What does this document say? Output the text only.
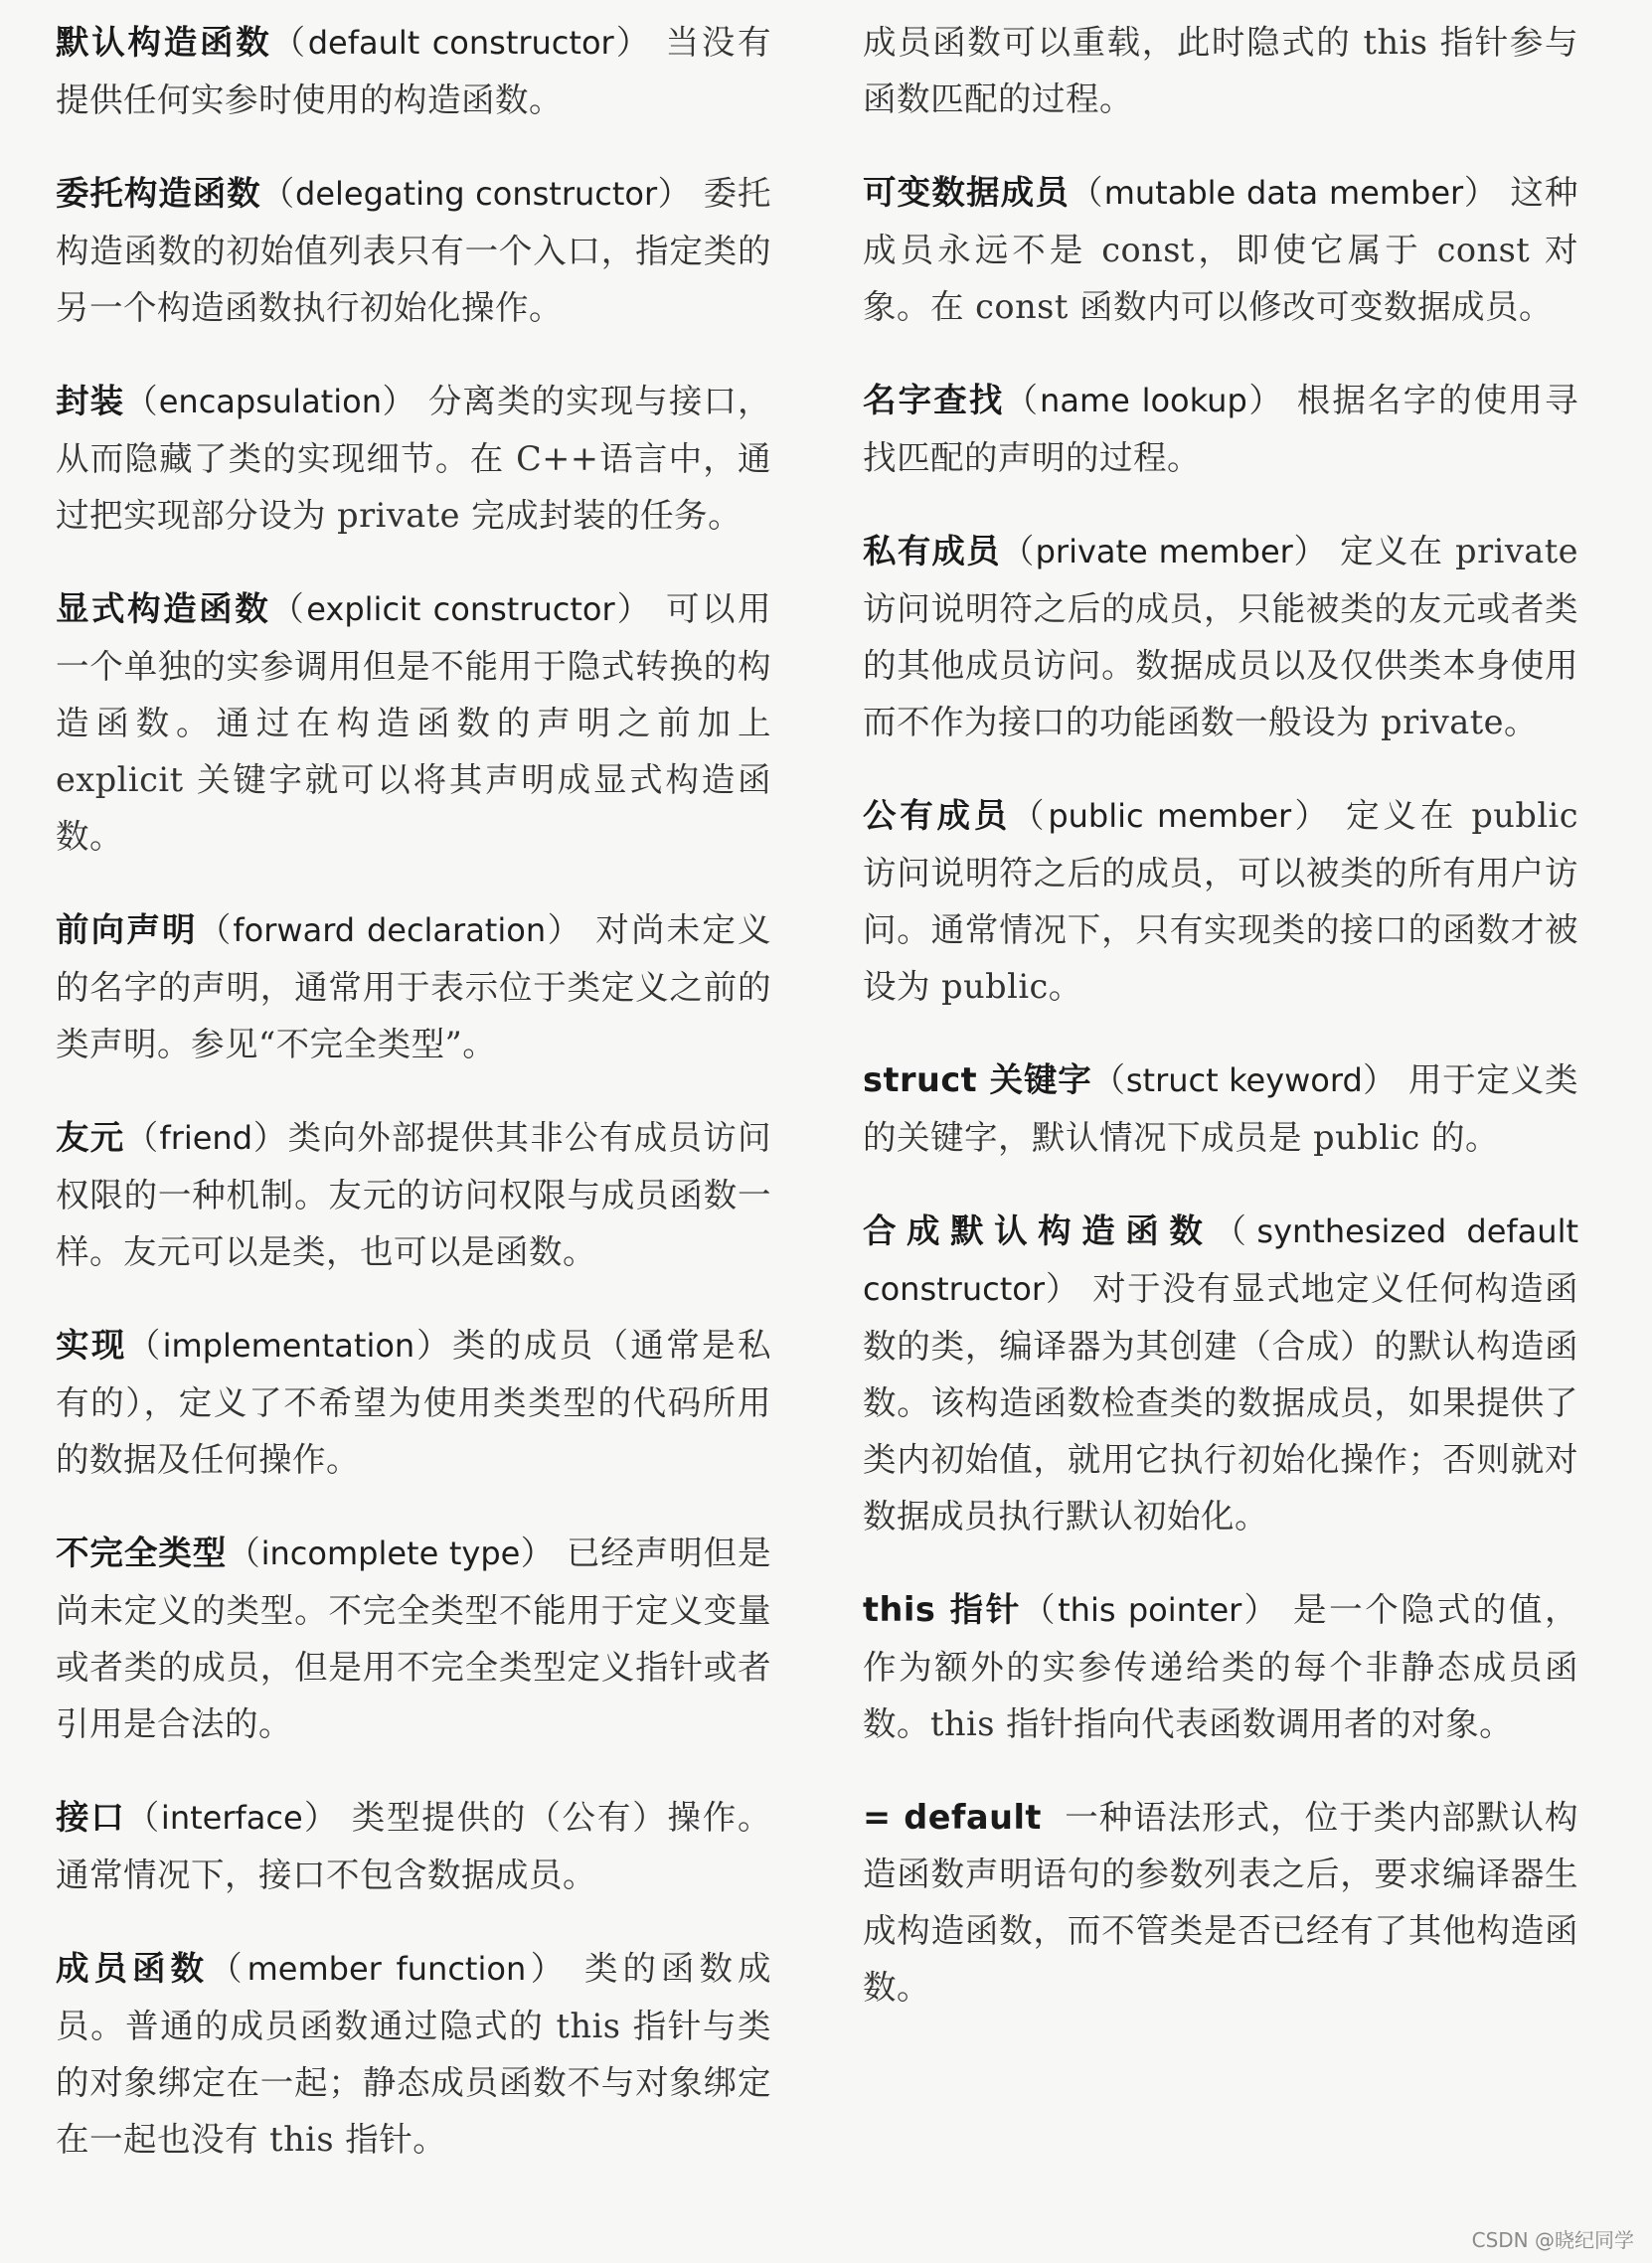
默认构造函数（default constructor） 当没有提供任何实参时使用的构造函数。

委托构造函数（delegating constructor） 委托构造函数的初始值列表只有一个入口，指定类的另一个构造函数执行初始化操作。

封装（encapsulation） 分离类的实现与接口，从而隐藏了类的实现细节。在 C++语言中，通过把实现部分设为 private 完成封装的任务。

显式构造函数（explicit constructor） 可以用一个单独的实参调用但是不能用于隐式转换的构造函数。通过在构造函数的声明之前加上 explicit 关键字就可以将其声明成显式构造函数。

前向声明（forward declaration） 对尚未定义的名字的声明，通常用于表示位于类定义之前的类声明。参见“不完全类型”。

友元（friend）类向外部提供其非公有成员访问权限的一种机制。友元的访问权限与成员函数一样。友元可以是类，也可以是函数。

实现（implementation）类的成员（通常是私有的），定义了不希望为使用类类型的代码所用的数据及任何操作。

不完全类型（incomplete type） 已经声明但是尚未定义的类型。不完全类型不能用于定义变量或者类的成员，但是用不完全类型定义指针或者引用是合法的。

接口（interface） 类型提供的（公有）操作。通常情况下，接口不包含数据成员。

成员函数（member function） 类的函数成员。普通的成员函数通过隐式的 this 指针与类的对象绑定在一起；静态成员函数不与对象绑定在一起也没有 this 指针。

成员函数可以重载，此时隐式的 this 指针参与函数匹配的过程。

可变数据成员（mutable data member） 这种成员永远不是 const，即使它属于 const 对象。在 const 函数内可以修改可变数据成员。

名字查找（name lookup） 根据名字的使用寻找匹配的声明的过程。

私有成员（private member） 定义在 private 访问说明符之后的成员，只能被类的友元或者类的其他成员访问。数据成员以及仅供类本身使用而不作为接口的功能函数一般设为 private。

公有成员（public member） 定义在 public 访问说明符之后的成员，可以被类的所有用户访问。通常情况下，只有实现类的接口的函数才被设为 public。

struct 关键字（struct keyword） 用于定义类的关键字，默认情况下成员是 public 的。

合成默认构造函数（synthesized default constructor） 对于没有显式地定义任何构造函数的类，编译器为其创建（合成）的默认构造函数。该构造函数检查类的数据成员，如果提供了类内初始值，就用它执行初始化操作；否则就对数据成员执行默认初始化。

this 指针（this pointer） 是一个隐式的值，作为额外的实参传递给类的每个非静态成员函数。this 指针指向代表函数调用者的对象。

= default 一种语法形式，位于类内部默认构造函数声明语句的参数列表之后，要求编译器生成构造函数，而不管类是否已经有了其他构造函数。

CSDN @晓纪同学
